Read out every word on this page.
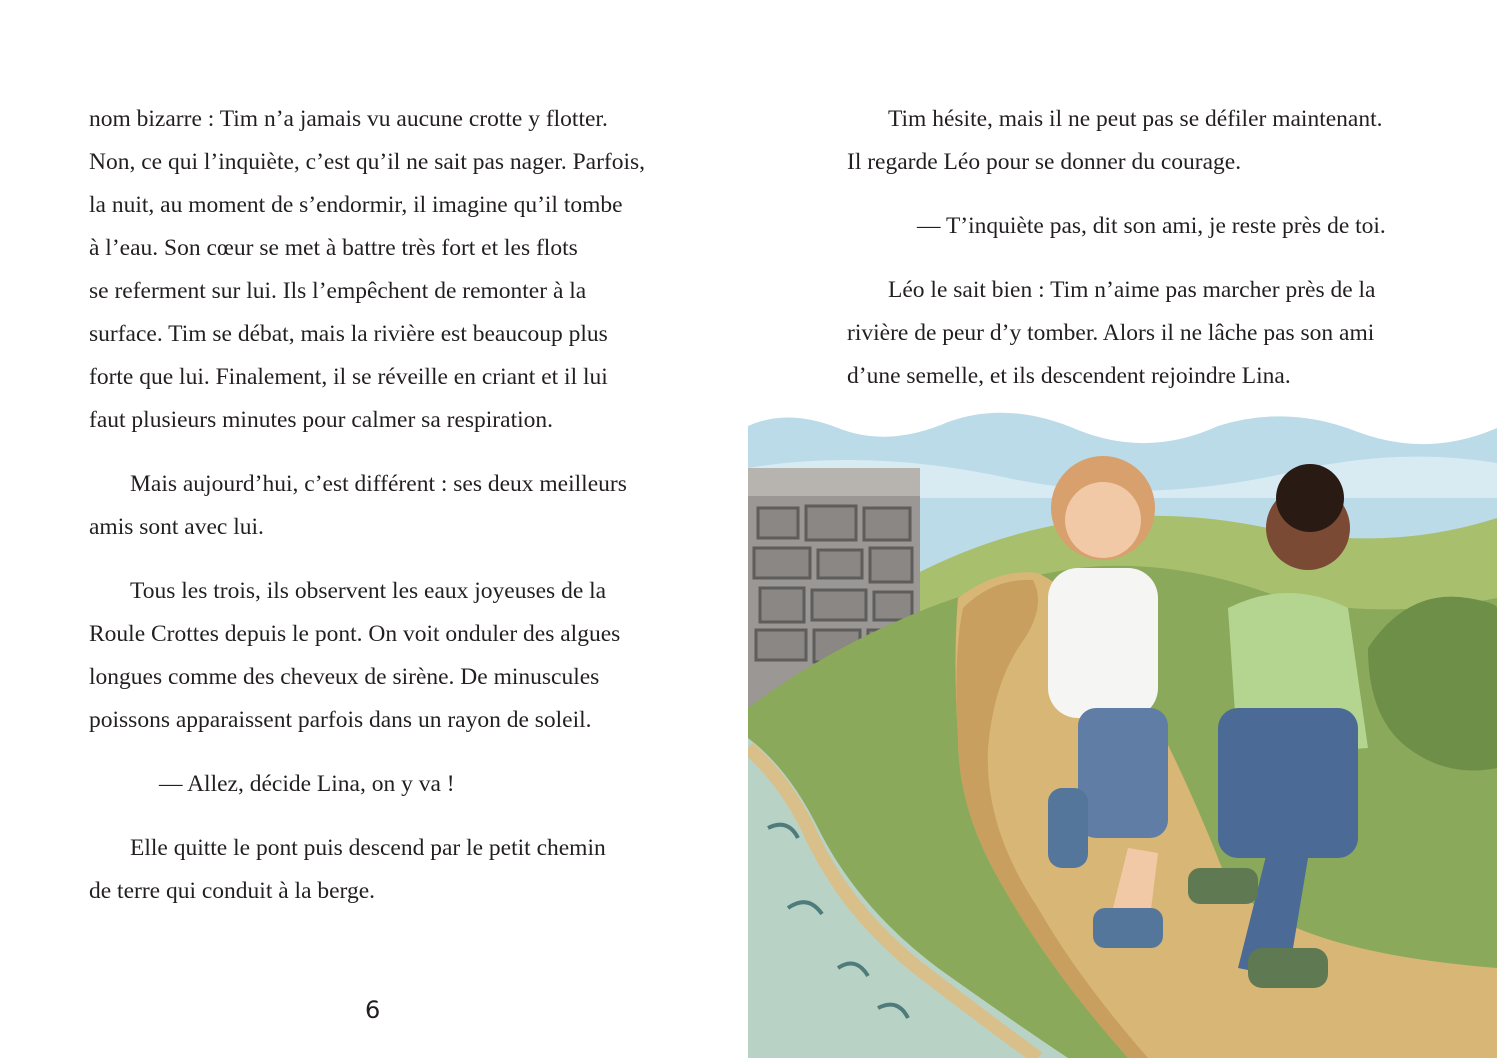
nom bizarre : Tim n’a jamais vu aucune crotte y flotter.
Non, ce qui l’inquiète, c’est qu’il ne sait pas nager. Parfois,
la nuit, au moment de s’endormir, il imagine qu’il tombe
à l’eau. Son cœur se met à battre très fort et les flots
se referment sur lui. Ils l’empêchent de remonter à la
surface. Tim se débat, mais la rivière est beaucoup plus
forte que lui. Finalement, il se réveille en criant et il lui
faut plusieurs minutes pour calmer sa respiration.

Mais aujourd’hui, c’est différent : ses deux meilleurs
amis sont avec lui.

Tous les trois, ils observent les eaux joyeuses de la
Roule Crottes depuis le pont. On voit onduler des algues
longues comme des cheveux de sirène. De minuscules
poissons apparaissent parfois dans un rayon de soleil.

— Allez, décide Lina, on y va !

Elle quitte le pont puis descend par le petit chemin
de terre qui conduit à la berge.

6

Tim hésite, mais il ne peut pas se défiler maintenant.
Il regarde Léo pour se donner du courage.

— T’inquiète pas, dit son ami, je reste près de toi.

Léo le sait bien : Tim n’aime pas marcher près de la
rivière de peur d’y tomber. Alors il ne lâche pas son ami
d’une semelle, et ils descendent rejoindre Lina.
